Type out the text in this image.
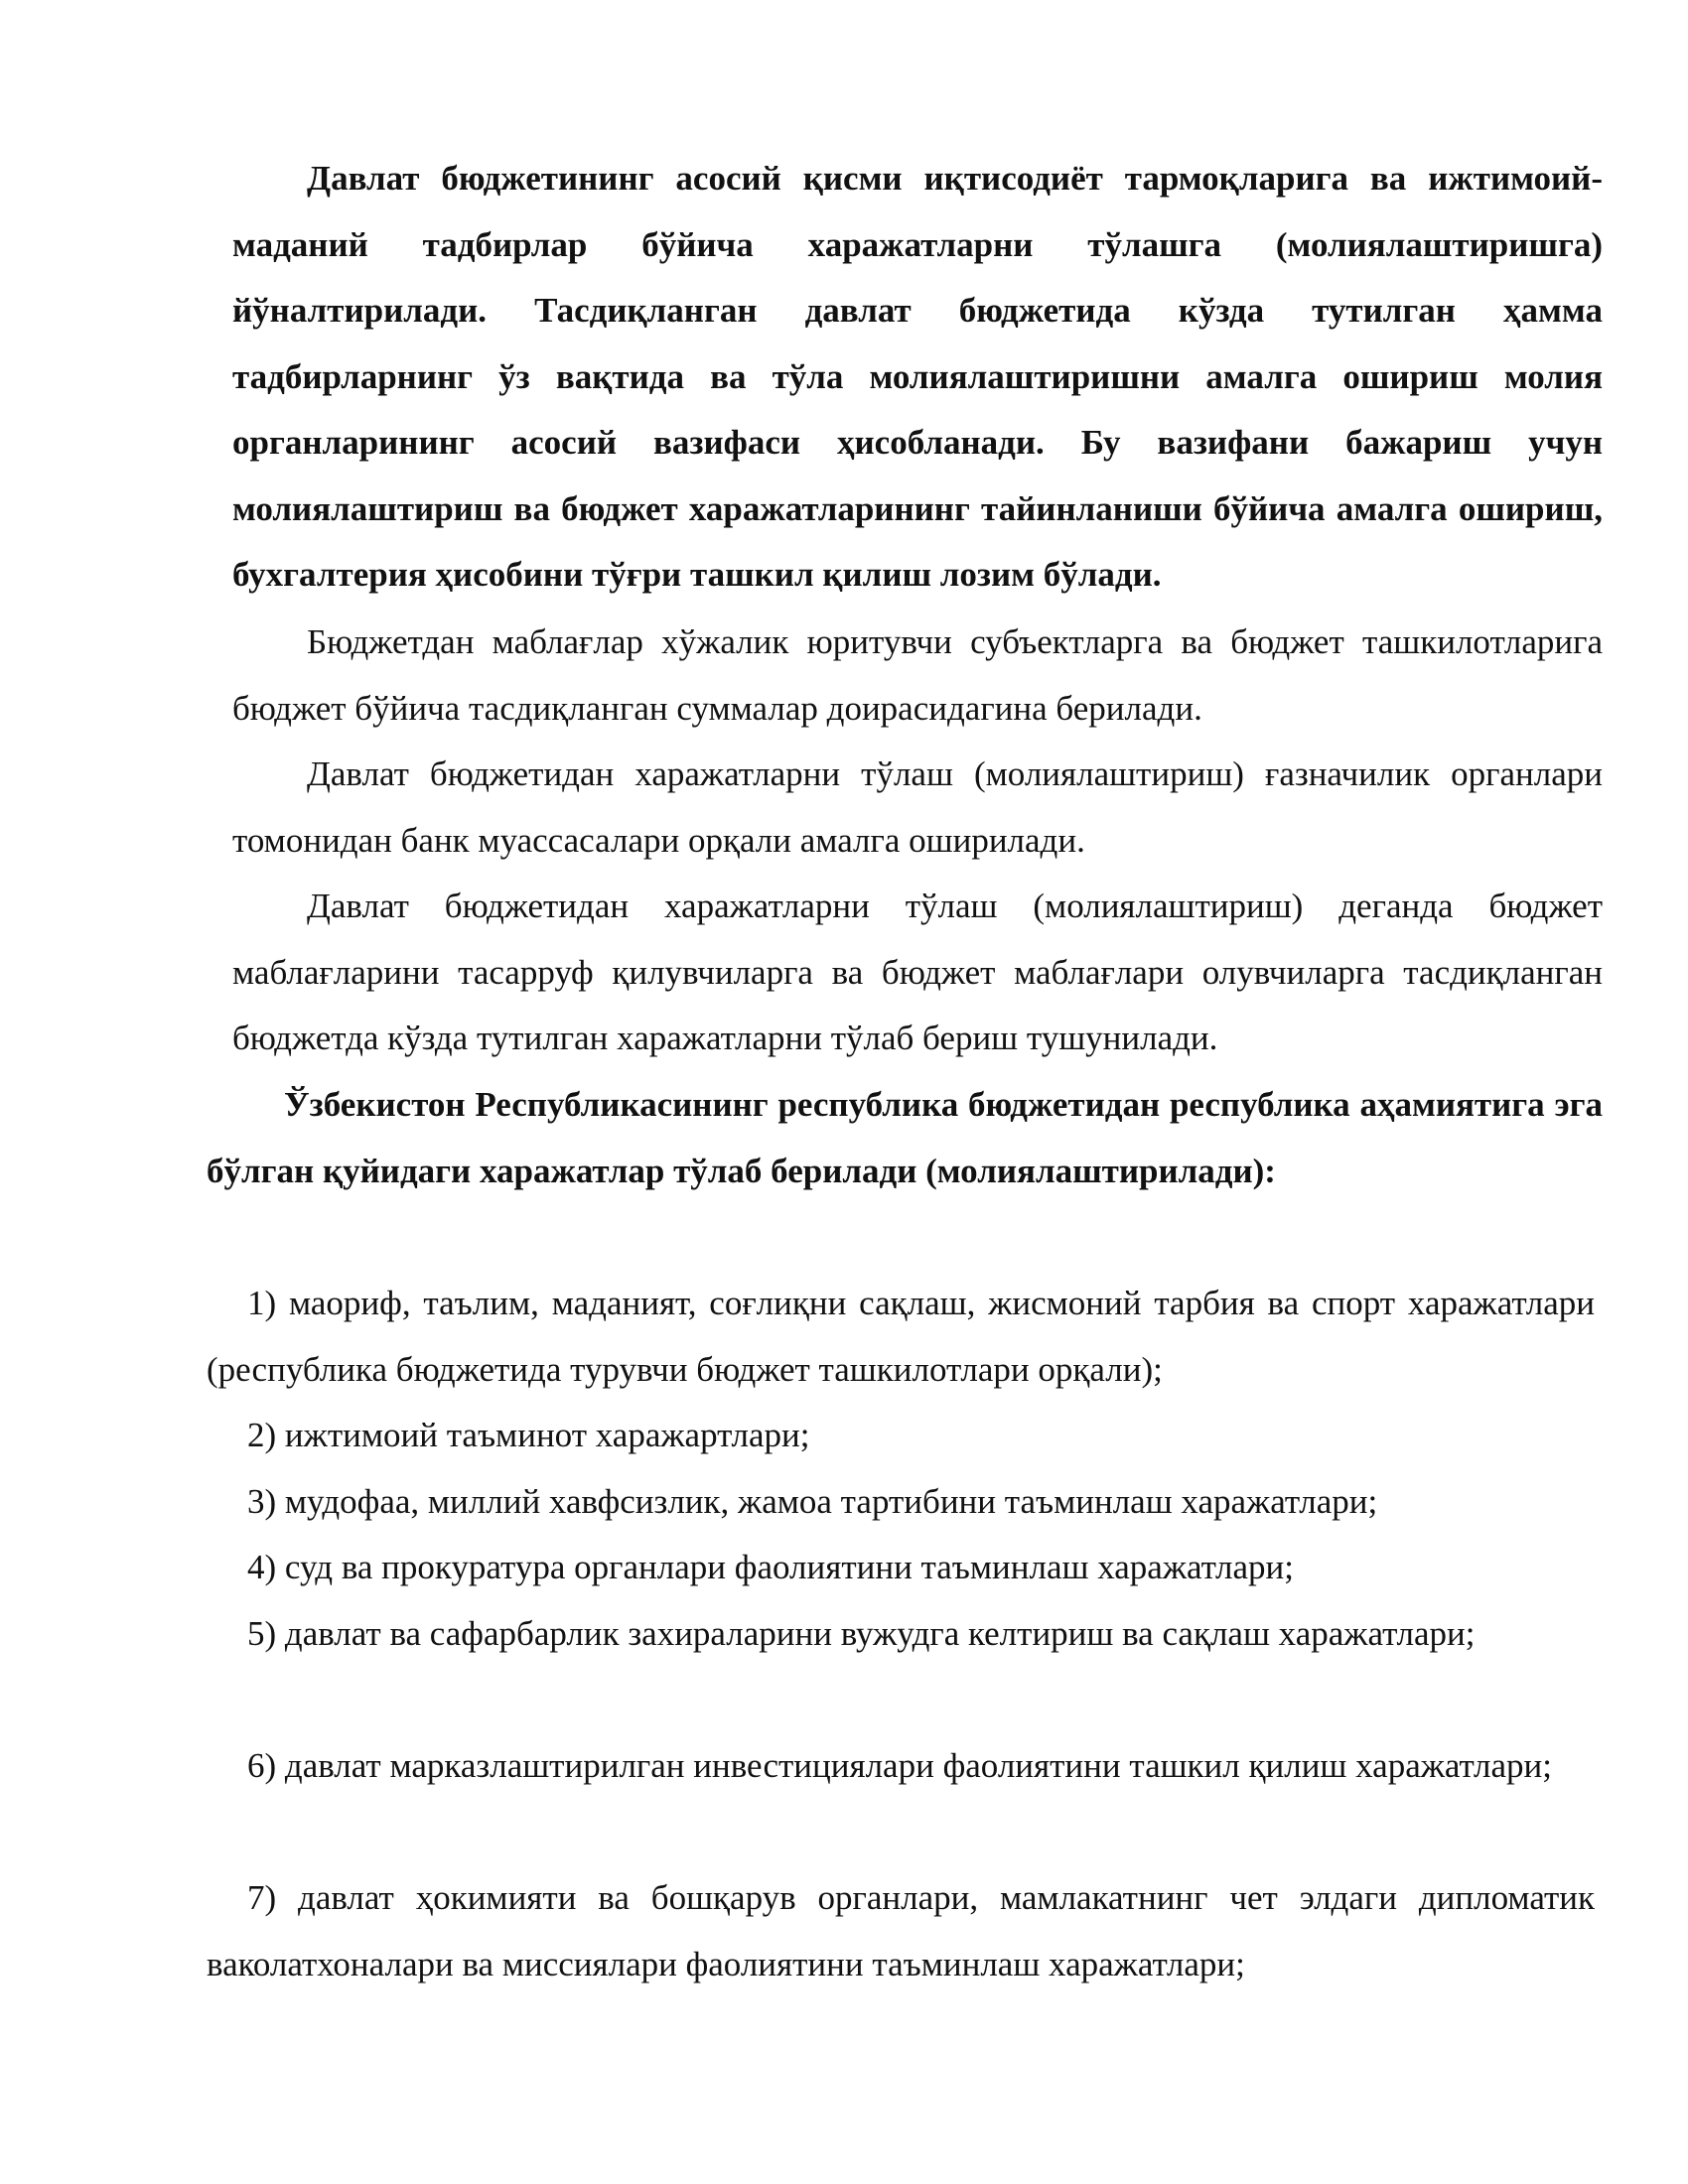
Давлат бюджетининг асосий қисми иқтисодиёт тармоқларига ва ижтимоий-маданий тадбирлар бўйича харажатларни тўлашга (молиялаштиришга) йўналтирилади. Тасдиқланган давлат бюджетида кўзда тутилган ҳамма тадбирларнинг ўз вақтида ва тўла молиялаштиришни амалга ошириш молия органларининг асосий вазифаси ҳисобланади. Бу вазифани бажариш учун молиялаштириш ва бюджет харажатларининг тайинланиши бўйича амалга ошириш, бухгалтерия ҳисобини тўғри ташкил қилиш лозим бўлади.

Бюджетдан маблағлар хўжалик юритувчи субъектларга ва бюджет ташкилотларига бюджет бўйича тасдиқланган суммалар доирасидагина берилади.

Давлат бюджетидан харажатларни тўлаш (молиялаштириш) ғазначилик органлари томонидан банк муассасалари орқали амалга оширилади.

Давлат бюджетидан харажатларни тўлаш (молиялаштириш) деганда бюджет маблағларини тасарруф қилувчиларга ва бюджет маблағлари олувчиларга тасдиқланган бюджетда кўзда тутилган харажатларни тўлаб бериш тушунилади.

Ўзбекистон Республикасининг республика бюджетидан республика аҳамиятига эга бўлган қуйидаги харажатлар тўлаб берилади (молиялаштирилади):

1) маориф, таълим, маданият, соғлиқни сақлаш, жисмоний тарбия ва спорт харажатлари (республика бюджетида турувчи бюджет ташкилотлари орқали);

2) ижтимоий таъминот харажартлари;

3) мудофаа, миллий хавфсизлик, жамоа тартибини таъминлаш харажатлари;

4) суд ва прокуратура органлари фаолиятини таъминлаш харажатлари;

5) давлат ва сафарбарлик захираларини вужудга келтириш ва сақлаш харажатлари;

6) давлат марказлаштирилган инвестициялари фаолиятини ташкил қилиш харажатлари;

7) давлат ҳокимияти ва бошқарув органлари, мамлакатнинг чет элдаги дипломатик ваколатхоналари ва миссиялари фаолиятини таъминлаш харажатлари;
